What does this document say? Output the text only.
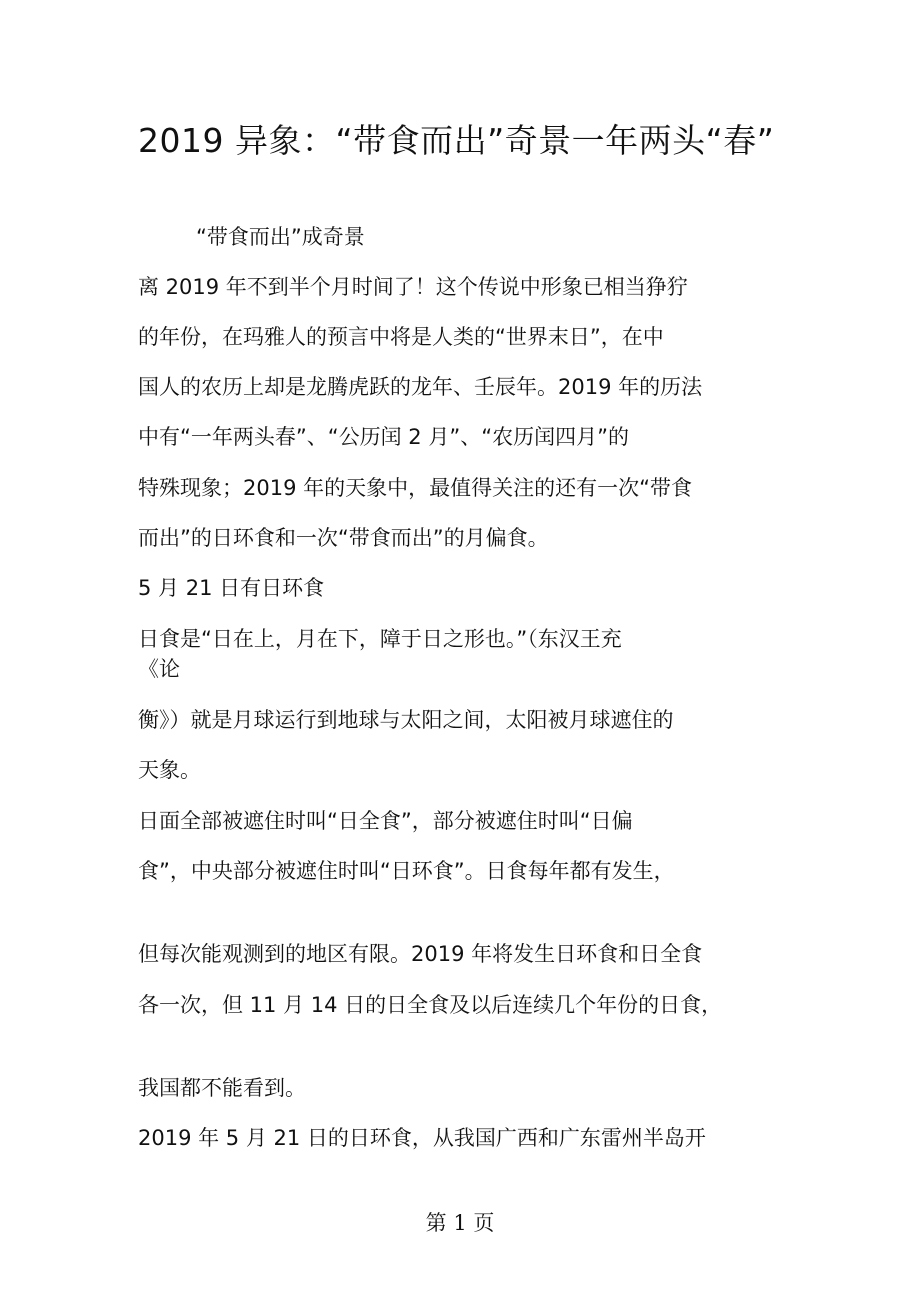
2019 异象：“带食而出”奇景一年两头“春”

“带食而出”成奇景

离 2019 年不到半个月时间了！这个传说中形象已相当狰狞

的年份，在玛雅人的预言中将是人类的“世界末日”，在中

国人的农历上却是龙腾虎跃的龙年、壬辰年。2019 年的历法

中有“一年两头春”、“公历闰 2 月”、“农历闰四月”的

特殊现象；2019 年的天象中，最值得关注的还有一次“带食

而出”的日环食和一次“带食而出”的月偏食。

5 月 21 日有日环食

日食是“日在上，月在下，障于日之形也。”（东汉王充

《论

衡》）就是月球运行到地球与太阳之间，太阳被月球遮住的

天象。

日面全部被遮住时叫“日全食”，部分被遮住时叫“日偏

食”，中央部分被遮住时叫“日环食”。日食每年都有发生，

但每次能观测到的地区有限。2019 年将发生日环食和日全食

各一次，但 11 月 14 日的日全食及以后连续几个年份的日食，

我国都不能看到。

2019 年 5 月 21 日的日环食，从我国广西和广东雷州半岛开

第 1 页
